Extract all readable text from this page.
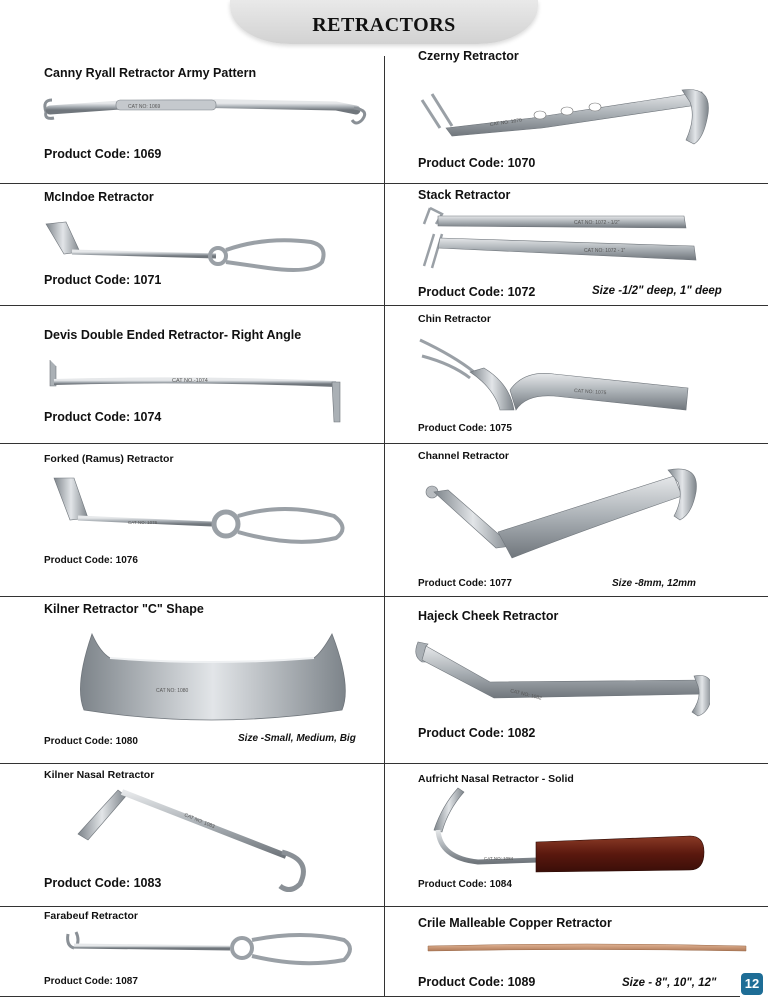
RETRACTORS
Canny Ryall Retractor Army Pattern
CAT NO: 1069
Product Code: 1069
Czerny Retractor
CAT NO: 1070
Product Code: 1070
McIndoe Retractor
Product Code: 1071
Stack Retractor
CAT NO: 1072 - 1/2"
CAT NO: 1072 - 1"
Product Code: 1072	Size -1/2" deep, 1" deep
Devis Double Ended Retractor- Right Angle
CAT NO.-1074
Product Code: 1074
Chin Retractor
CAT NO: 1075
Product Code: 1075
Forked (Ramus) Retractor
CAT NO: 1076
Product Code: 1076
Channel Retractor
Product Code: 1077	Size -8mm, 12mm
Kilner Retractor "C" Shape
CAT NO: 1080
Product Code: 1080	Size -Small, Medium, Big
Hajeck Cheek Retractor
CAT NO: 1082
Product Code: 1082
Kilner Nasal Retractor
CAT NO: 1083
Product Code: 1083
Aufricht Nasal Retractor - Solid
CAT NO: 1084
Product Code: 1084
Farabeuf Retractor
Product Code: 1087
Crile Malleable Copper Retractor
Product Code: 1089	Size - 8", 10", 12" 12
